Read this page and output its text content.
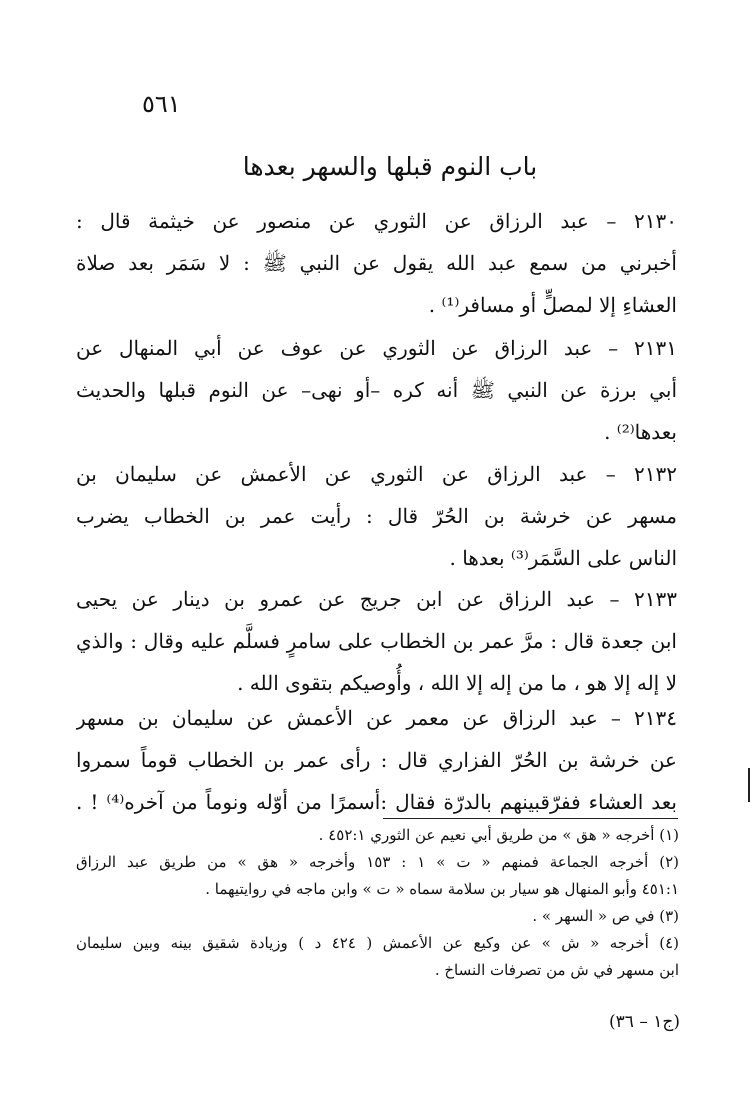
٥٦١
باب النوم قبلها والسهر بعدها
٢١٣٠ – عبد الرزاق عن الثوري عن منصور عن خيثمة قال :
أخبرني من سمع عبد الله يقول عن النبي ﷺ : لا سَمَر بعد صلاة
العشاءِ إلا لمصلٍّ أو مسافر⁽¹⁾ .
٢١٣١ – عبد الرزاق عن الثوري عن عوف عن أبي المنهال عن
أبي برزة عن النبي ﷺ أنه كره –أو نهى– عن النوم قبلها والحديث
بعدها⁽²⁾ .
٢١٣٢ – عبد الرزاق عن الثوري عن الأعمش عن سليمان بن
مسهر عن خرشة بن الحُرّ قال : رأيت عمر بن الخطاب يضرب
الناس على السَّمَر⁽³⁾ بعدها .
٢١٣٣ – عبد الرزاق عن ابن جريج عن عمرو بن دينار عن يحيى
ابن جعدة قال : مرَّ عمر بن الخطاب على سامرٍ فسلَّم عليه وقال : والذي
لا إله إلا هو ، ما من إله إلا الله ، وأُوصيكم بتقوى الله .
٢١٣٤ – عبد الرزاق عن معمر عن الأعمش عن سليمان بن مسهر
عن خرشة بن الحُرّ الفزاري قال : رأى عمر بن الخطاب قوماً سمروا
بعد العشاء ففرّقبينهم بالدرّة فقال :أسمرًا من أوّله ونوماً من آخره⁽⁴⁾ ! .
(١) أخرجه « هق » من طريق أبي نعيم عن الثوري ٤٥٢:١ .
(٢) أخرجه الجماعة فمنهم « ت » ١ : ١٥٣ وأخرجه « هق » من طريق عبد الرزاق
٤٥١:١ وأبو المنهال هو سيار بن سلامة سماه « ت » وابن ماجه في روايتيهما .
(٣) في ص « السهر » .
(٤) أخرجه « ش » عن وكيع عن الأعمش ( ٤٢٤ د ) وزيادة شقيق بينه وبين سليمان
ابن مسهر في ش من تصرفات النساخ .
(ج١ – ٣٦)
